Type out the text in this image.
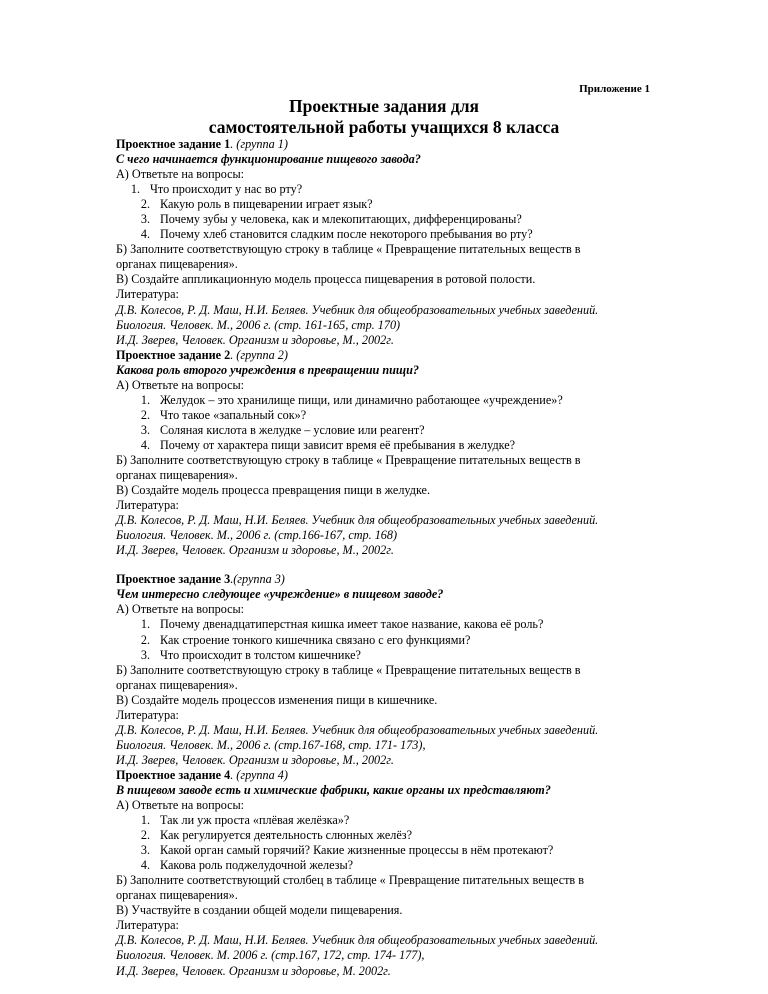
Приложение 1
Проектные задания для
самостоятельной работы учащихся 8 класса

Проектное задание 1. (группа 1)

С чего начинается функционирование пищевого завода?

А) Ответьте на вопросы:

1. Что происходит у нас во рту?
2. Какую роль в пищеварении играет язык?
3. Почему зубы у человека, как и млекопитающих, дифференцированы?
4. Почему хлеб становится сладким после некоторого пребывания во рту?

Б) Заполните соответствующую строку в таблице « Превращение питательных веществ в

органах пищеварения».

В) Создайте аппликационную модель процесса пищеварения в ротовой полости.

Литература:

Д.В. Колесов, Р. Д. Маш, Н.И. Беляев. Учебник для общеобразовательных учебных заведений.

Биология. Человек. М., 2006 г. (стр. 161-165, стр. 170)

И.Д. Зверев, Человек. Организм и здоровье, М., 2002г.

Проектное задание 2. (группа 2)

Какова роль второго учреждения в превращении пищи?

А) Ответьте на вопросы:

1. Желудок – это хранилище пищи, или динамично работающее «учреждение»?
2. Что такое «запальный сок»?
3. Соляная кислота в желудке – условие или реагент?
4. Почему от характера пищи зависит время её пребывания в желудке?

Б) Заполните соответствующую строку в таблице « Превращение питательных веществ в

органах пищеварения».

В) Создайте модель процесса превращения пищи в желудке.

Литература:

Д.В. Колесов, Р. Д. Маш, Н.И. Беляев. Учебник для общеобразовательных учебных заведений.

Биология. Человек. М., 2006 г. (стр.166-167, стр. 168)

И.Д. Зверев, Человек. Организм и здоровье, М., 2002г.

Проектное задание 3.(группа 3)

Чем интересно следующее «учреждение» в пищевом заводе?

А) Ответьте на вопросы:

1. Почему двенадцатиперстная кишка имеет такое название, какова её роль?
2. Как строение тонкого кишечника связано с его функциями?
3. Что происходит в толстом кишечнике?

Б) Заполните соответствующую строку в таблице « Превращение питательных веществ в

органах пищеварения».

В) Создайте модель процессов изменения пищи в кишечнике.

Литература:

Д.В. Колесов, Р. Д. Маш, Н.И. Беляев. Учебник для общеобразовательных учебных заведений.

Биология. Человек. М., 2006 г. (стр.167-168, стр. 171- 173),

И.Д. Зверев, Человек. Организм и здоровье, М., 2002г.

Проектное задание 4. (группа 4)

В пищевом заводе есть и химические фабрики, какие органы их представляют?

А) Ответьте на вопросы:

1. Так ли уж проста «плёвая желёзка»?
2. Как регулируется деятельность слюнных желёз?
3. Какой орган самый горячий? Какие жизненные процессы в нём протекают?
4. Какова роль поджелудочной железы?

Б) Заполните соответствующий столбец в таблице « Превращение питательных веществ в

органах пищеварения».

В) Участвуйте в создании общей модели пищеварения.

Литература:

Д.В. Колесов, Р. Д. Маш, Н.И. Беляев. Учебник для общеобразовательных учебных заведений.

Биология. Человек. М. 2006 г. (стр.167, 172, стр. 174- 177),

И.Д. Зверев, Человек. Организм и здоровье, М. 2002г.
